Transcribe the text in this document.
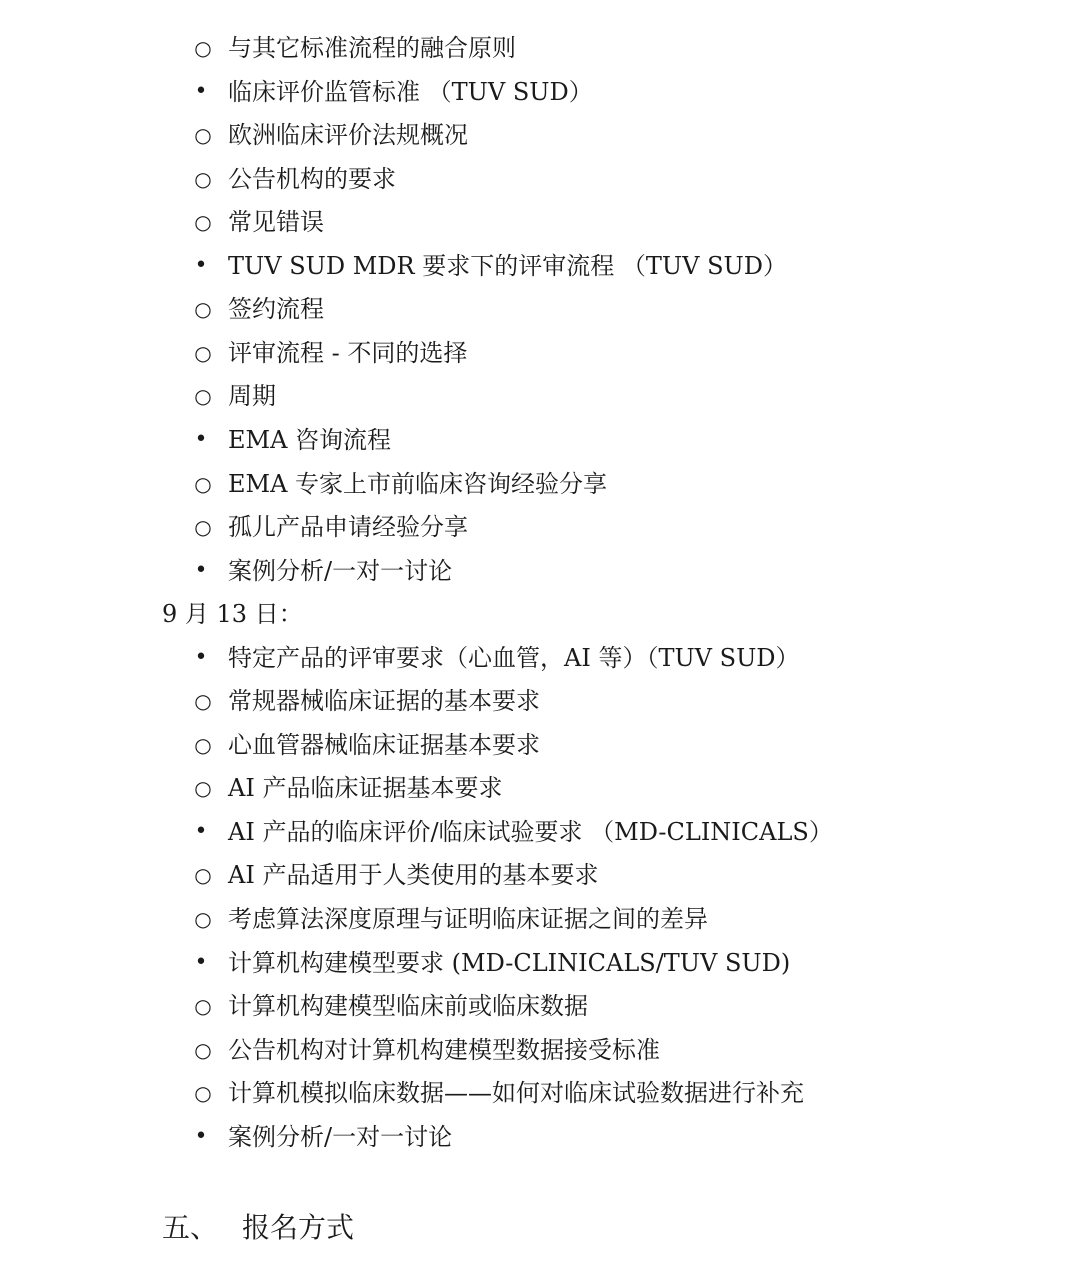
○ 与其它标准流程的融合原则
• 临床评价监管标准 （TUV SUD）
○ 欧洲临床评价法规概况
○ 公告机构的要求
○ 常见错误
• TUV SUD MDR 要求下的评审流程 （TUV SUD）
○ 签约流程
○ 评审流程 - 不同的选择
○ 周期
• EMA 咨询流程
○ EMA 专家上市前临床咨询经验分享
○ 孤儿产品申请经验分享
• 案例分析/一对一讨论
9 月 13 日：
• 特定产品的评审要求（心血管，AI 等）（TUV SUD）
○ 常规器械临床证据的基本要求
○ 心血管器械临床证据基本要求
○ AI 产品临床证据基本要求
• AI 产品的临床评价/临床试验要求 （MD-CLINICALS）
○ AI 产品适用于人类使用的基本要求
○ 考虑算法深度原理与证明临床证据之间的差异
• 计算机构建模型要求 (MD-CLINICALS/TUV SUD)
○ 计算机构建模型临床前或临床数据
○ 公告机构对计算机构建模型数据接受标准
○ 计算机模拟临床数据——如何对临床试验数据进行补充
• 案例分析/一对一讨论
五、 报名方式
